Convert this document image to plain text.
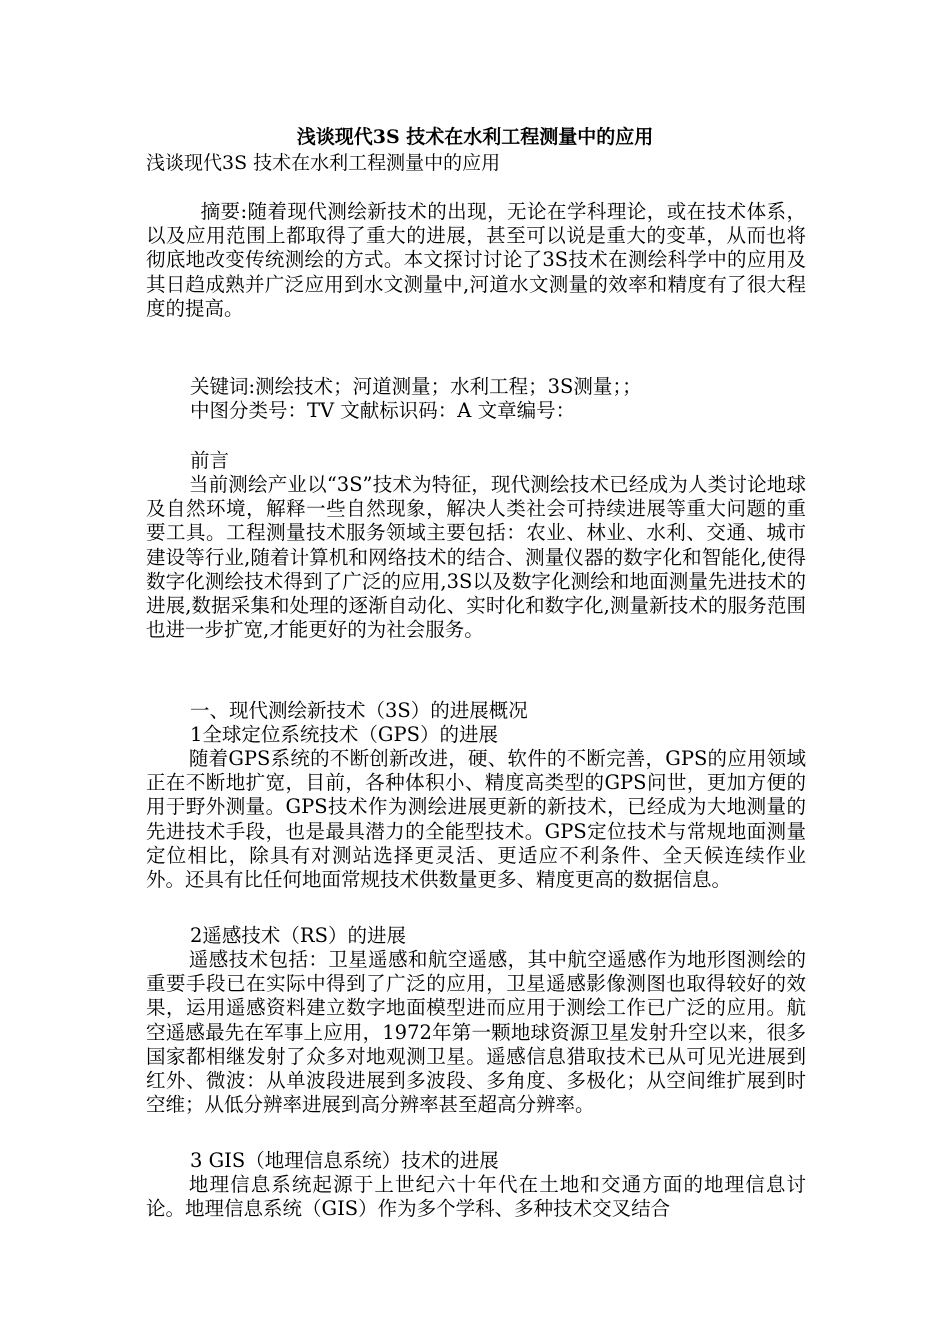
浅谈现代3S 技术在水利工程测量中的应用
浅谈现代3S 技术在水利工程测量中的应用
摘要:随着现代测绘新技术的出现，无论在学科理论，或在技术体系，以及应用范围上都取得了重大的进展，甚至可以说是重大的变革，从而也将彻底地改变传统测绘的方式。本文探讨讨论了3S技术在测绘科学中的应用及其日趋成熟并广泛应用到水文测量中,河道水文测量的效率和精度有了很大程度的提高。
关键词:测绘技术；河道测量；水利工程；3S测量；；
中图分类号：TV 文献标识码：A 文章编号：
前言
当前测绘产业以“3S”技术为特征，现代测绘技术已经成为人类讨论地球及自然环境，解释一些自然现象，解决人类社会可持续进展等重大问题的重要工具。工程测量技术服务领域主要包括：农业、林业、水利、交通、城市建设等行业,随着计算机和网络技术的结合、测量仪器的数字化和智能化,使得数字化测绘技术得到了广泛的应用,3S以及数字化测绘和地面测量先进技术的进展,数据采集和处理的逐渐自动化、实时化和数字化,测量新技术的服务范围也进一步扩宽,才能更好的为社会服务。
一、现代测绘新技术（3S）的进展概况
1全球定位系统技术（GPS）的进展
随着GPS系统的不断创新改进，硬、软件的不断完善，GPS的应用领域正在不断地扩宽，目前，各种体积小、精度高类型的GPS问世，更加方便的用于野外测量。GPS技术作为测绘进展更新的新技术，已经成为大地测量的先进技术手段，也是最具潜力的全能型技术。GPS定位技术与常规地面测量定位相比，除具有对测站选择更灵活、更适应不利条件、全天候连续作业外。还具有比任何地面常规技术供数量更多、精度更高的数据信息。
2遥感技术（RS）的进展
遥感技术包括：卫星遥感和航空遥感，其中航空遥感作为地形图测绘的重要手段已在实际中得到了广泛的应用，卫星遥感影像测图也取得较好的效果，运用遥感资料建立数字地面模型进而应用于测绘工作已广泛的应用。航空遥感最先在军事上应用，1972年第一颗地球资源卫星发射升空以来，很多国家都相继发射了众多对地观测卫星。遥感信息猎取技术已从可见光进展到红外、微波：从单波段进展到多波段、多角度、多极化；从空间维扩展到时空维；从低分辨率进展到高分辨率甚至超高分辨率。
3 GIS（地理信息系统）技术的进展
地理信息系统起源于上世纪六十年代在土地和交通方面的地理信息讨论。地理信息系统（GIS）作为多个学科、多种技术交叉结合
